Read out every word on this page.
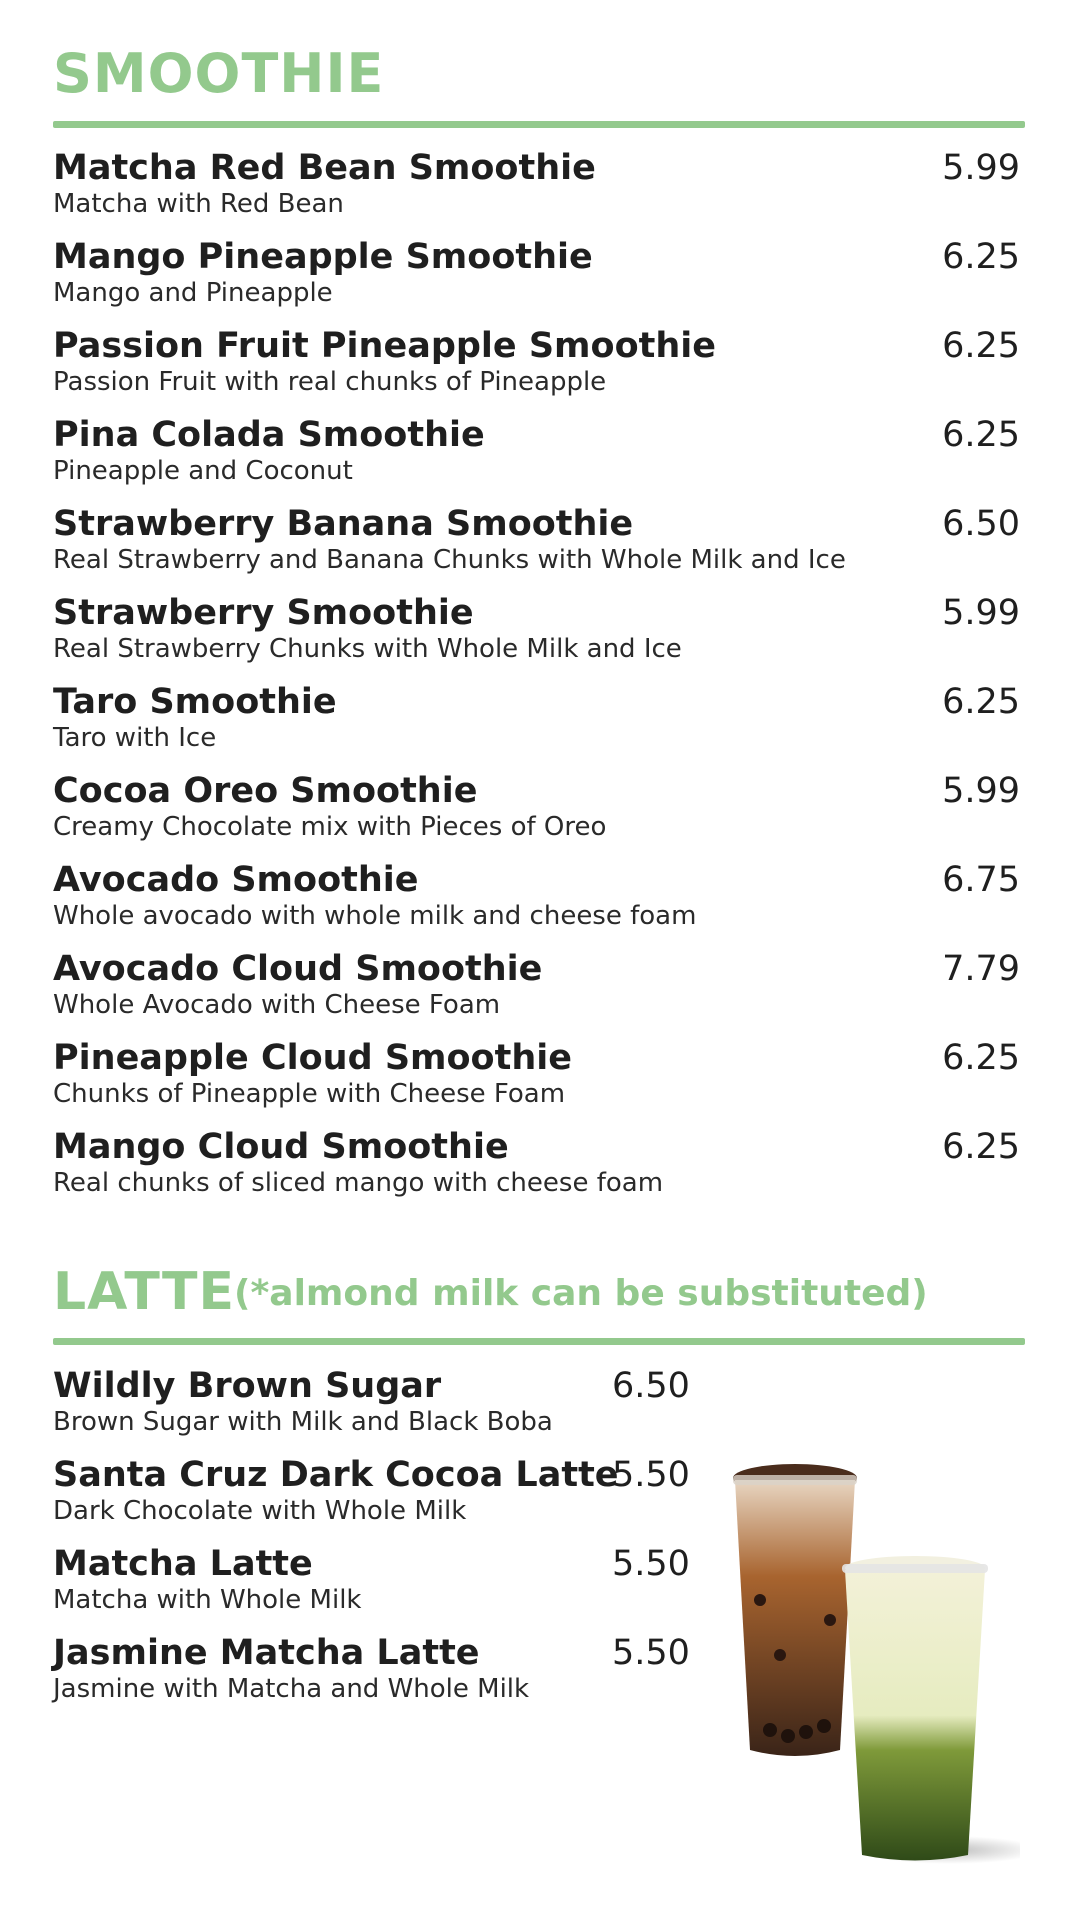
SMOOTHIE
Matcha Red Bean Smoothie
Matcha with Red Bean
5.99
Mango Pineapple Smoothie
Mango and Pineapple
6.25
Passion Fruit Pineapple Smoothie
Passion Fruit with real chunks of Pineapple
6.25
Pina Colada Smoothie
Pineapple and Coconut
6.25
Strawberry Banana Smoothie
Real Strawberry and Banana Chunks with Whole Milk and Ice
6.50
Strawberry Smoothie
Real Strawberry Chunks with Whole Milk and Ice
5.99
Taro Smoothie
Taro with Ice
6.25
Cocoa Oreo Smoothie
Creamy Chocolate mix with Pieces of Oreo
5.99
Avocado Smoothie
Whole avocado with whole milk and cheese foam
6.75
Avocado Cloud Smoothie
Whole Avocado with Cheese Foam
7.79
Pineapple Cloud Smoothie
Chunks of Pineapple with Cheese Foam
6.25
Mango Cloud Smoothie
Real chunks of sliced mango with cheese foam
6.25
LATTE (*almond milk can be substituted)
Wildly Brown Sugar
Brown Sugar with Milk and Black Boba
6.50
Santa Cruz Dark Cocoa Latte
Dark Chocolate with Whole Milk
5.50
Matcha Latte
Matcha with Whole Milk
5.50
Jasmine Matcha Latte
Jasmine with Matcha and Whole Milk
5.50
